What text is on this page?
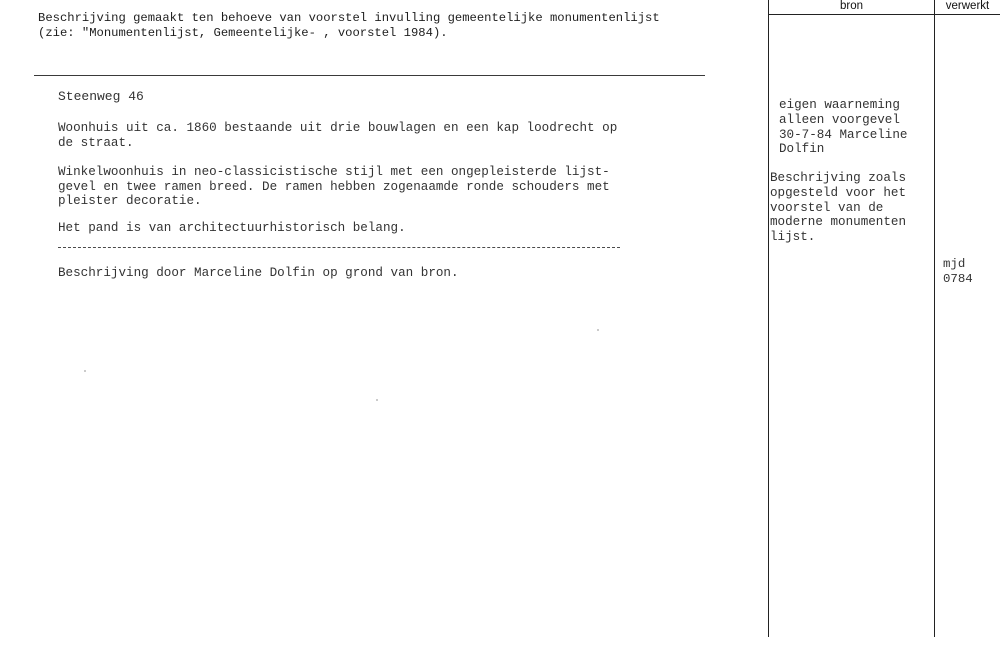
Beschrijving gemaakt ten behoeve van voorstel invulling gemeentelijke monumentenlijst
(zie: "Monumentenlijst, Gemeentelijke- , voorstel 1984).
Steenweg 46
Woonhuis uit ca. 1860 bestaande uit drie bouwlagen en een kap loodrecht op
de straat.
Winkelwoonhuis in neo-classicistische stijl met een ongepleisterde lijst-
gevel en twee ramen breed. De ramen hebben zogenaamde ronde schouders met
pleister decoratie.
Het pand is van architectuurhistorisch belang.
Beschrijving door Marceline Dolfin op grond van bron.
bron	verwerkt
eigen waarneming
alleen voorgevel
30-7-84 Marceline
Dolfin
Beschrijving zoals
opgesteld voor het
voorstel van de
moderne monumenten
lijst.
mjd
0784
